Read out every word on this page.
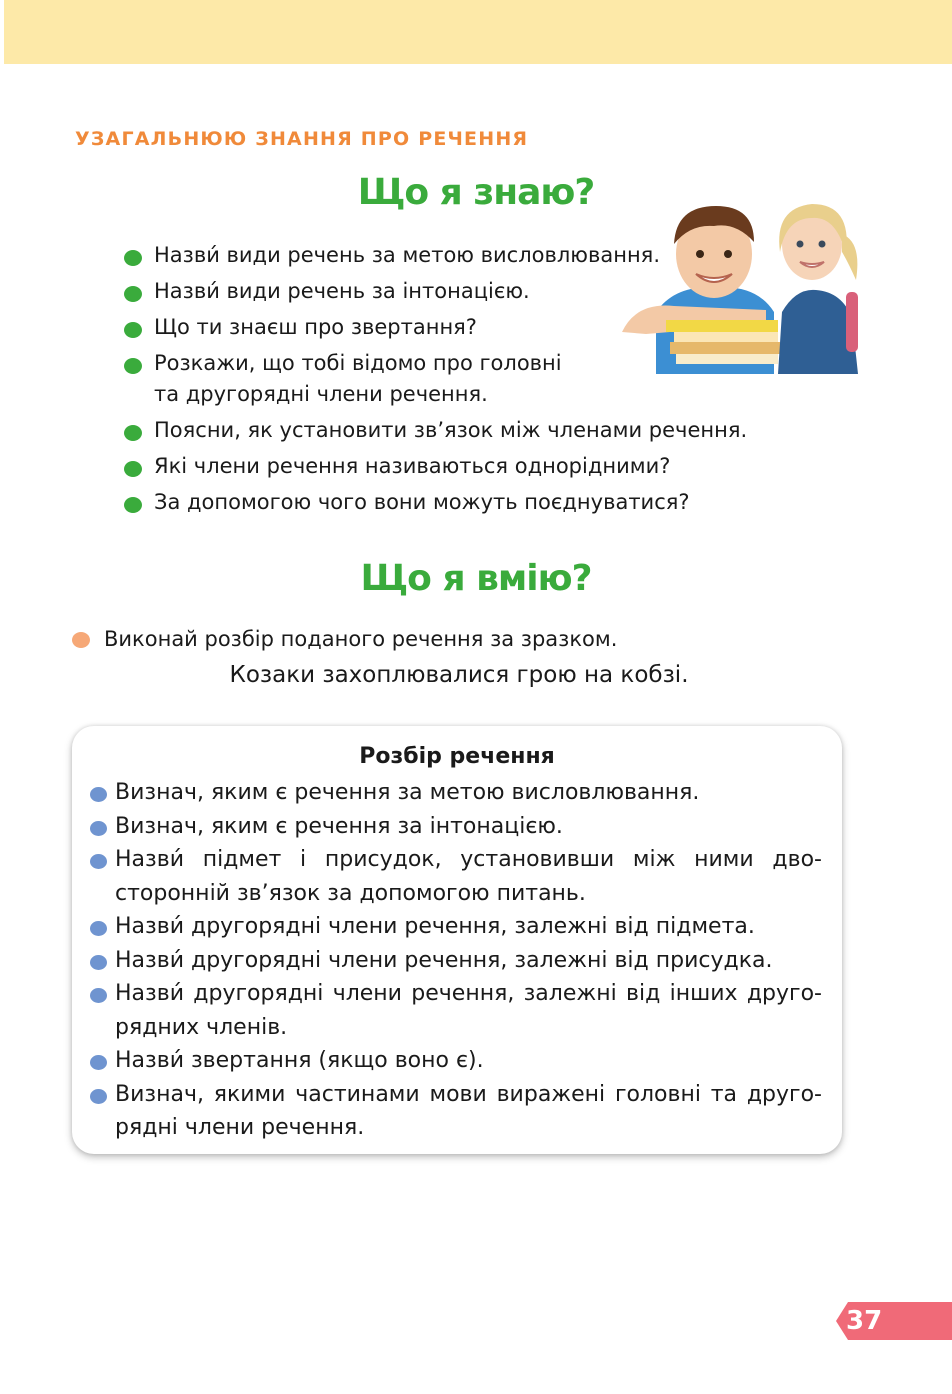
УЗАГАЛЬНЮЮ ЗНАННЯ ПРО РЕЧЕННЯ
Що я знаю?
Назви́ види речень за метою висловлювання.
Назви́ види речень за інтонацією.
Що ти знаєш про звертання?
Розкажи, що тобі відомо про головні
та другорядні члени речення.
Поясни, як установити зв’язок між членами речення.
Які члени речення називаються однорідними?
За допомогою чого вони можуть поєднуватися?
Що я вмію?
Виконай розбір поданого речення за зразком.
Козаки захоплювалися грою на кобзі.
Розбір речення
Визнач, яким є речення за метою висловлювання.
Визнач, яким є речення за інтонацією.
Назви́ підмет і присудок, установивши між ними двосторонній зв’язок за допомогою питань.
Назви́ другорядні члени речення, залежні від підмета.
Назви́ другорядні члени речення, залежні від присудка.
Назви́ другорядні члени речення, залежні від інших другорядних членів.
Назви́ звертання (якщо воно є).
Визнач, якими частинами мови виражені головні та другорядні члени речення.
37
